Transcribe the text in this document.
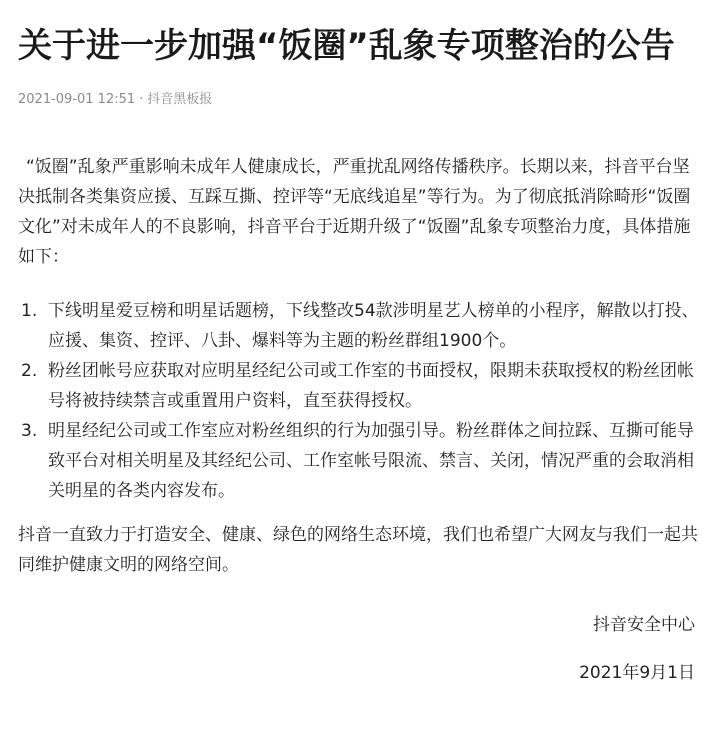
关于进一步加强“饭圈”乱象专项整治的公告
2021-09-01 12:51 · 抖音黑板报

“饭圈”乱象严重影响未成年人健康成长，严重扰乱网络传播秩序。长期以来，抖音平台坚决抵制各类集资应援、互踩互撕、控评等“无底线追星”等行为。为了彻底抵消除畸形“饭圈文化”对未成年人的不良影响，抖音平台于近期升级了“饭圈”乱象专项整治力度，具体措施如下：

1. 下线明星爱豆榜和明星话题榜，下线整改54款涉明星艺人榜单的小程序，解散以打投、应援、集资、控评、八卦、爆料等为主题的粉丝群组1900个。
2. 粉丝团帐号应获取对应明星经纪公司或工作室的书面授权，限期未获取授权的粉丝团帐号将被持续禁言或重置用户资料，直至获得授权。
3. 明星经纪公司或工作室应对粉丝组织的行为加强引导。粉丝群体之间拉踩、互撕可能导致平台对相关明星及其经纪公司、工作室帐号限流、禁言、关闭，情况严重的会取消相关明星的各类内容发布。

抖音一直致力于打造安全、健康、绿色的网络生态环境，我们也希望广大网友与我们一起共同维护健康文明的网络空间。

抖音安全中心
2021年9月1日
